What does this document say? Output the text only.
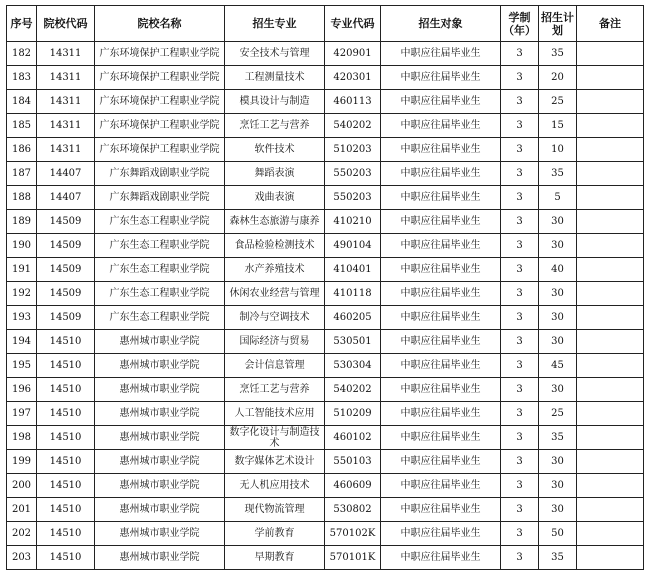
序号	院校代码	院校名称	招生专业	专业代码	招生对象	学制（年）	招生计划	备注
182	14311	广东环境保护工程职业学院	安全技术与管理	420901	中职应往届毕业生	3	35	
183	14311	广东环境保护工程职业学院	工程测量技术	420301	中职应往届毕业生	3	20	
184	14311	广东环境保护工程职业学院	模具设计与制造	460113	中职应往届毕业生	3	25	
185	14311	广东环境保护工程职业学院	烹饪工艺与营养	540202	中职应往届毕业生	3	15	
186	14311	广东环境保护工程职业学院	软件技术	510203	中职应往届毕业生	3	10	
187	14407	广东舞蹈戏剧职业学院	舞蹈表演	550203	中职应往届毕业生	3	35	
188	14407	广东舞蹈戏剧职业学院	戏曲表演	550203	中职应往届毕业生	3	5	
189	14509	广东生态工程职业学院	森林生态旅游与康养	410210	中职应往届毕业生	3	30	
190	14509	广东生态工程职业学院	食品检验检测技术	490104	中职应往届毕业生	3	30	
191	14509	广东生态工程职业学院	水产养殖技术	410401	中职应往届毕业生	3	40	
192	14509	广东生态工程职业学院	休闲农业经营与管理	410118	中职应往届毕业生	3	30	
193	14509	广东生态工程职业学院	制冷与空调技术	460205	中职应往届毕业生	3	30	
194	14510	惠州城市职业学院	国际经济与贸易	530501	中职应往届毕业生	3	30	
195	14510	惠州城市职业学院	会计信息管理	530304	中职应往届毕业生	3	45	
196	14510	惠州城市职业学院	烹饪工艺与营养	540202	中职应往届毕业生	3	30	
197	14510	惠州城市职业学院	人工智能技术应用	510209	中职应往届毕业生	3	25	
198	14510	惠州城市职业学院	数字化设计与制造技术	460102	中职应往届毕业生	3	35	
199	14510	惠州城市职业学院	数字媒体艺术设计	550103	中职应往届毕业生	3	30	
200	14510	惠州城市职业学院	无人机应用技术	460609	中职应往届毕业生	3	30	
201	14510	惠州城市职业学院	现代物流管理	530802	中职应往届毕业生	3	30	
202	14510	惠州城市职业学院	学前教育	570102K	中职应往届毕业生	3	50	
203	14510	惠州城市职业学院	早期教育	570101K	中职应往届毕业生	3	35	
